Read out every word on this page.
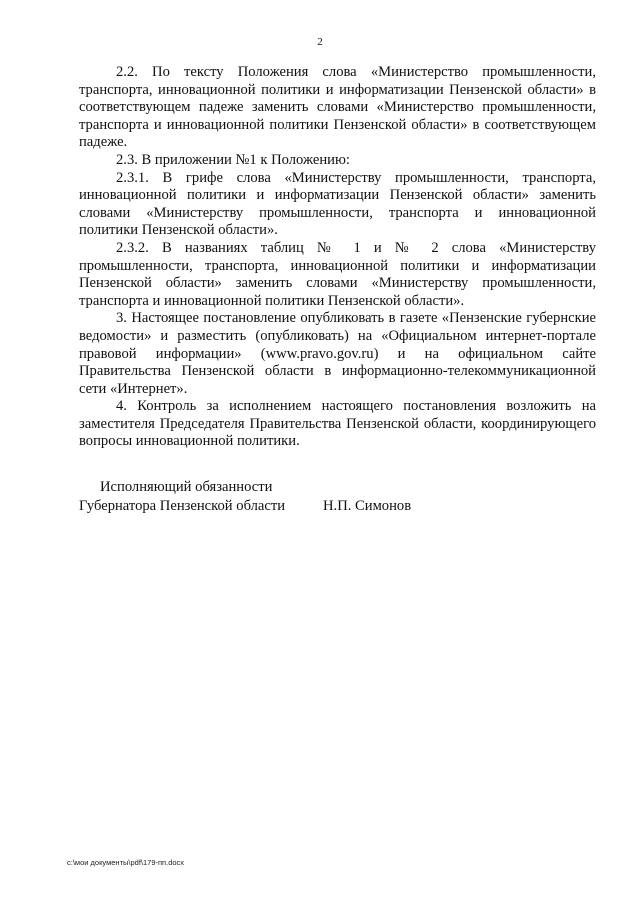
2

2.2. По тексту Положения слова «Министерство промышленности, транспорта, инновационной политики и информатизации Пензенской области» в соответствующем падеже заменить словами «Министерство промышленности, транспорта и инновационной политики Пензенской области» в соответствующем падеже.

2.3. В приложении №1 к Положению:

2.3.1. В грифе слова «Министерству промышленности, транспорта, инновационной политики и информатизации Пензенской области» заменить словами «Министерству промышленности, транспорта и инновационной политики Пензенской области».

2.3.2. В названиях таблиц № 1 и № 2 слова «Министерству промышленности, транспорта, инновационной политики и информатизации Пензенской области» заменить словами «Министерству промышленности, транспорта и инновационной политики Пензенской области».

3. Настоящее постановление опубликовать в газете «Пензенские губернские ведомости» и разместить (опубликовать) на «Официальном интернет-портале правовой информации» (www.pravo.gov.ru) и на официальном сайте Правительства Пензенской области в информационно-телекоммуникационной сети «Интернет».

4. Контроль за исполнением настоящего постановления возложить на заместителя Председателя Правительства Пензенской области, координирующего вопросы инновационной политики.

Исполняющий обязанности
Губернатора Пензенской области	Н.П. Симонов
c:\мои документы\pdf\179-пп.docx
